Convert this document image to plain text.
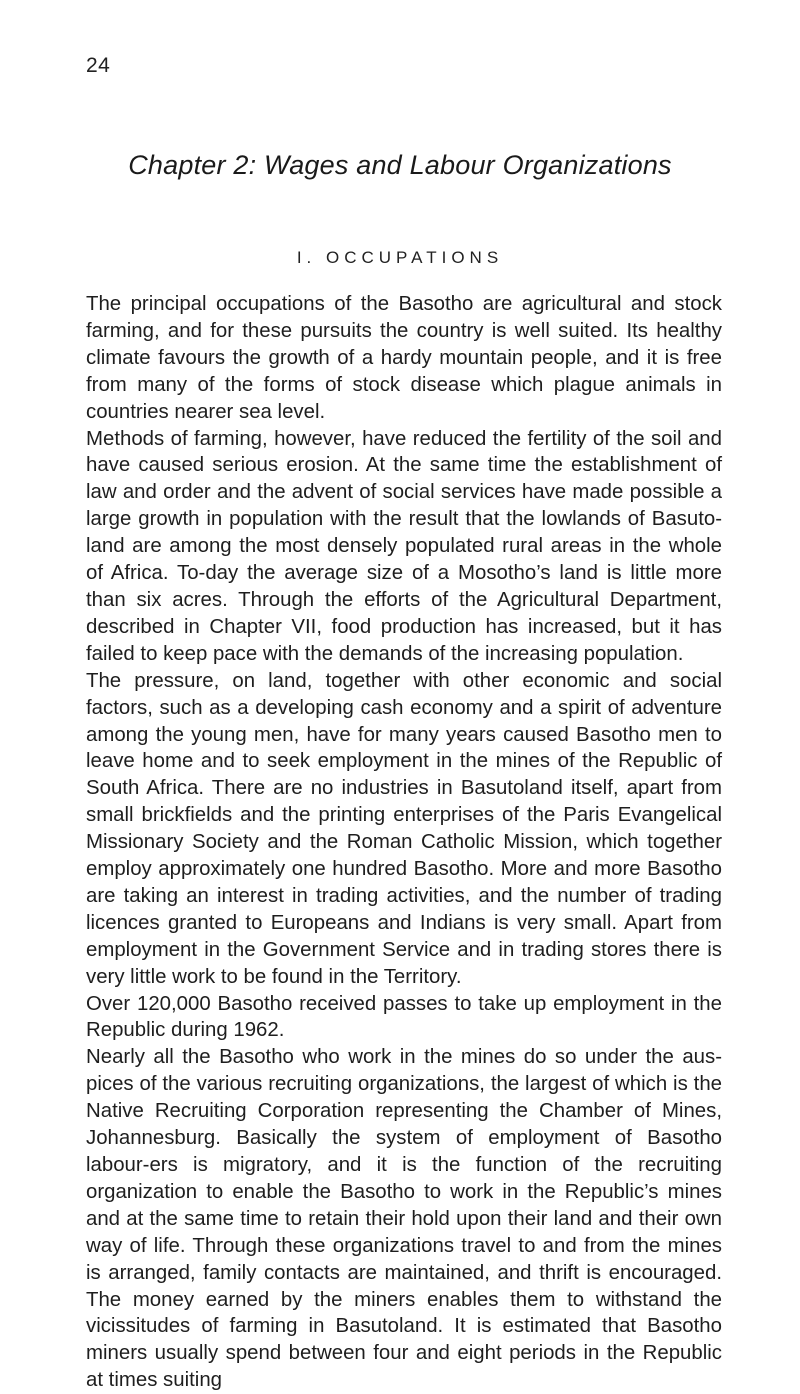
24
Chapter 2: Wages and Labour Organizations
I. OCCUPATIONS

The principal occupations of the Basotho are agricultural and stock farming, and for these pursuits the country is well suited. Its healthy climate favours the growth of a hardy mountain people, and it is free from many of the forms of stock disease which plague animals in countries nearer sea level.

Methods of farming, however, have reduced the fertility of the soil and have caused serious erosion. At the same time the establishment of law and order and the advent of social services have made possible a large growth in population with the result that the lowlands of Basuto-land are among the most densely populated rural areas in the whole of Africa. To-day the average size of a Mosotho’s land is little more than six acres. Through the efforts of the Agricultural Department, described in Chapter VII, food production has increased, but it has failed to keep pace with the demands of the increasing population.

The pressure, on land, together with other economic and social factors, such as a developing cash economy and a spirit of adventure among the young men, have for many years caused Basotho men to leave home and to seek employment in the mines of the Republic of South Africa. There are no industries in Basutoland itself, apart from small brickfields and the printing enterprises of the Paris Evangelical Missionary Society and the Roman Catholic Mission, which together employ approximately one hundred Basotho. More and more Basotho are taking an interest in trading activities, and the number of trading licences granted to Europeans and Indians is very small. Apart from employment in the Government Service and in trading stores there is very little work to be found in the Territory.

Over 120,000 Basotho received passes to take up employment in the Republic during 1962.

Nearly all the Basotho who work in the mines do so under the aus-pices of the various recruiting organizations, the largest of which is the Native Recruiting Corporation representing the Chamber of Mines, Johannesburg. Basically the system of employment of Basotho labour-ers is migratory, and it is the function of the recruiting organization to enable the Basotho to work in the Republic’s mines and at the same time to retain their hold upon their land and their own way of life. Through these organizations travel to and from the mines is arranged, family contacts are maintained, and thrift is encouraged. The money earned by the miners enables them to withstand the vicissitudes of farming in Basutoland. It is estimated that Basotho miners usually spend between four and eight periods in the Republic at times suiting
